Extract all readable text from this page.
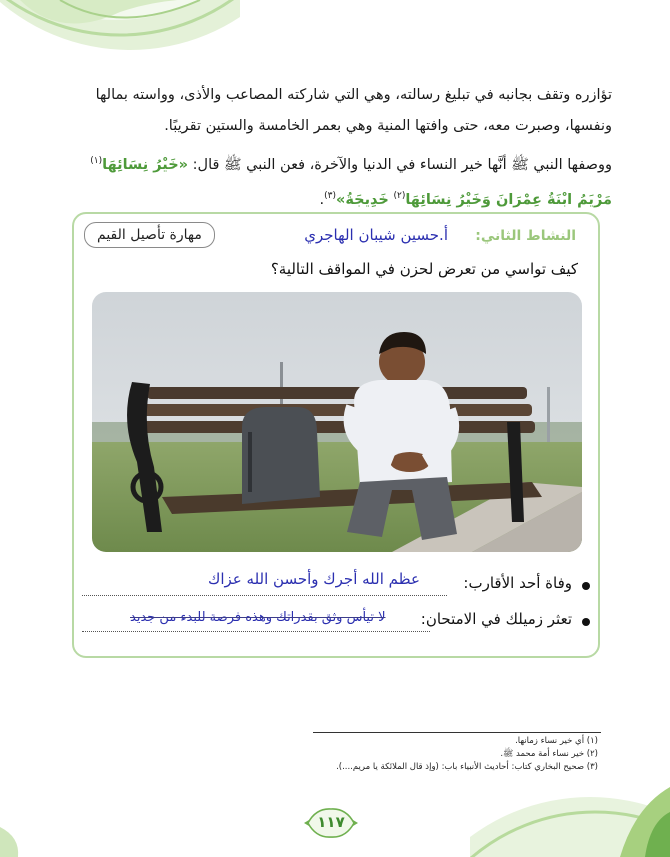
تؤازره وتقف بجانبه في تبليغ رسالته، وهي التي شاركته المصاعب والأذى، وواسته بمالها
ونفسها، وصبرت معه، حتى وافتها المنية وهي بعمر الخامسة والستين تقريبًا.
ووصفها النبي ﷺ أنَّها خير النساء في الدنيا والآخرة، فعن النبي ﷺ قال: «خَيْرُ نِسَائِهَا$^{(١)}$
مَرْيَمُ ابْنَةُ عِمْرَانَ وَخَيْرُ نِسَائِهَا$^{(٢)}$ خَدِيجَةُ»$^{(٣)}$.
النشاط الثاني:
أ.حسين شيبان الهاجري
مهارة تأصيل القيم
كيف تواسي من تعرض لحزن في المواقف التالية؟
وفاة أحد الأقارب:
عظم الله أجرك وأحسن الله عزاك
تعثر زميلك في الامتحان:
لا تيأس وثق بقدراتك وهذه فرصة للبدء من جديد
(١) أي خير نساء زمانها.
(٢) خير نساء أمة محمد ﷺ.
(٣) صحيح البخاري كتاب: أحاديث الأنبياء باب: (وإذ قال الملائكة يا مريم....).
١١٧
